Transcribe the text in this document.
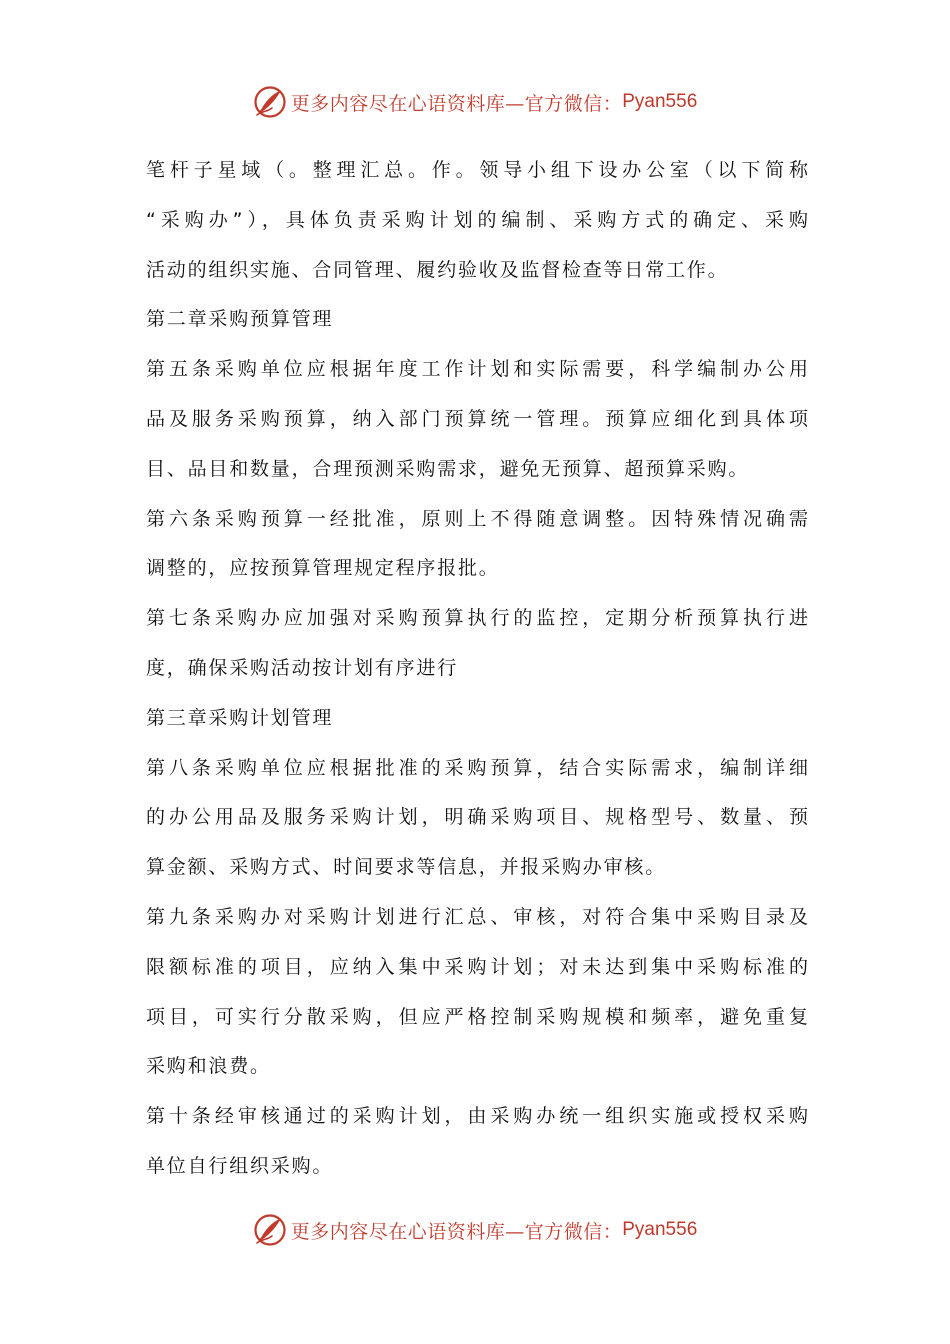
更多内容尽在心语资料库—官方微信： Pyan556
笔杆子星域（。整理汇总。作。领导小组下设办公室（以下简称
“采购办”），具体负责采购计划的编制、采购方式的确定、采购
活动的组织实施、合同管理、履约验收及监督检查等日常工作。
第二章采购预算管理
第五条采购单位应根据年度工作计划和实际需要，科学编制办公用
品及服务采购预算，纳入部门预算统一管理。预算应细化到具体项
目、品目和数量，合理预测采购需求，避免无预算、超预算采购。
第六条采购预算一经批准，原则上不得随意调整。因特殊情况确需
调整的，应按预算管理规定程序报批。
第七条采购办应加强对采购预算执行的监控，定期分析预算执行进
度，确保采购活动按计划有序进行
第三章采购计划管理
第八条采购单位应根据批准的采购预算，结合实际需求，编制详细
的办公用品及服务采购计划，明确采购项目、规格型号、数量、预
算金额、采购方式、时间要求等信息，并报采购办审核。
第九条采购办对采购计划进行汇总、审核，对符合集中采购目录及
限额标准的项目，应纳入集中采购计划；对未达到集中采购标准的
项目，可实行分散采购，但应严格控制采购规模和频率，避免重复
采购和浪费。
第十条经审核通过的采购计划，由采购办统一组织实施或授权采购
单位自行组织采购。
更多内容尽在心语资料库—官方微信： Pyan556
